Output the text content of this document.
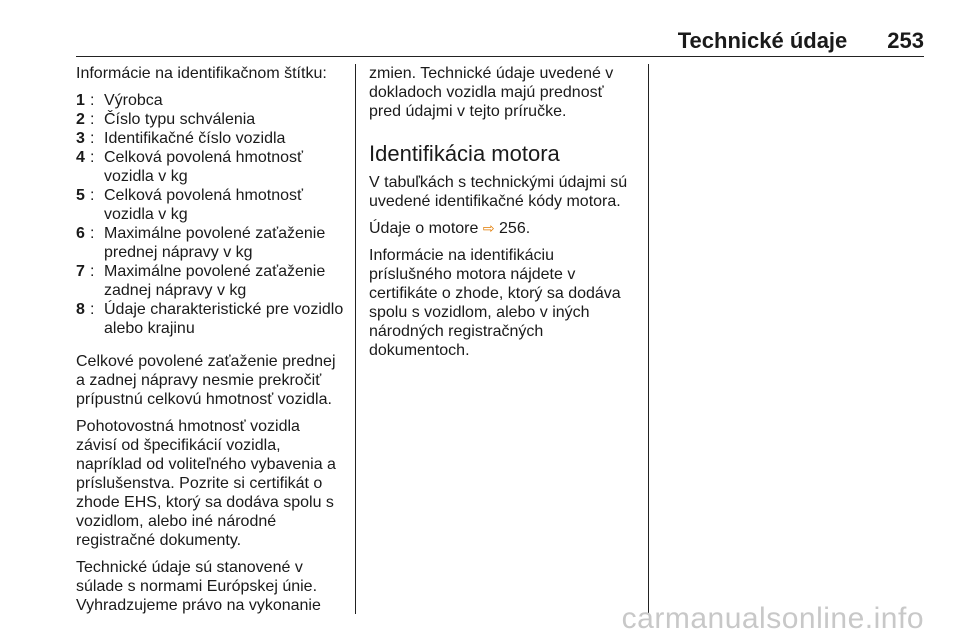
Technické údaje 253

Informácie na identifikačnom štítku:

1 : Výrobca
2 : Číslo typu schválenia
3 : Identifikačné číslo vozidla
4 : Celková povolená hmotnosť vozidla v kg
5 : Celková povolená hmotnosť vozidla v kg
6 : Maximálne povolené zaťaženie prednej nápravy v kg
7 : Maximálne povolené zaťaženie zadnej nápravy v kg
8 : Údaje charakteristické pre vozidlo alebo krajinu

Celkové povolené zaťaženie prednej a zadnej nápravy nesmie prekročiť prípustnú celkovú hmotnosť vozidla.

Pohotovostná hmotnosť vozidla závisí od špecifikácií vozidla, napríklad od voliteľného vybavenia a príslušenstva. Pozrite si certifikát o zhode EHS, ktorý sa dodáva spolu s vozidlom, alebo iné národné registračné dokumenty.

Technické údaje sú stanovené v súlade s normami Európskej únie. Vyhradzujeme právo na vykonanie

zmien. Technické údaje uvedené v dokladoch vozidla majú prednosť pred údajmi v tejto príručke.

Identifikácia motora

V tabuľkách s technickými údajmi sú uvedené identifikačné kódy motora.

Údaje o motore ⇨ 256.

Informácie na identifikáciu príslušného motora nájdete v certifikáte o zhode, ktorý sa dodáva spolu s vozidlom, alebo v iných národných registračných dokumentoch.

carmanualsonline.info
